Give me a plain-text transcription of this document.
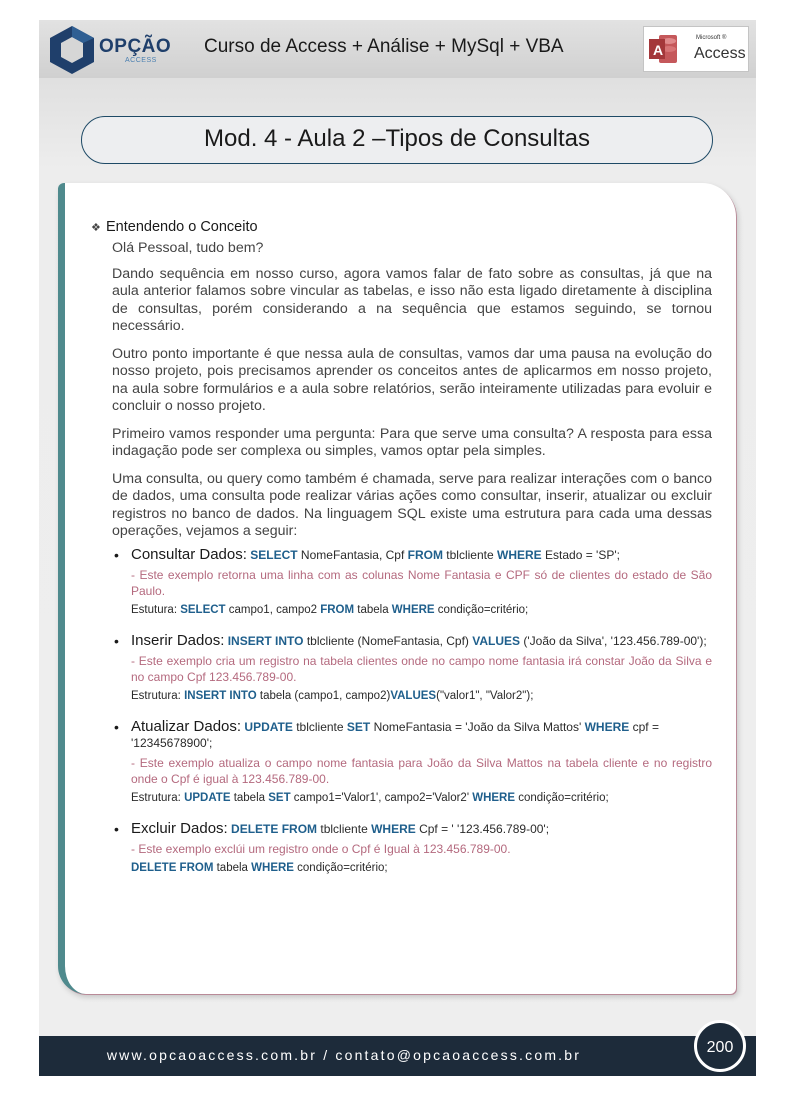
OPÇÃO
ACCESS
Curso de Access + Análise + MySql + VBA	A
Microsoft ®
Access
Mod. 4 - Aula 2 –Tipos de Consultas
❖ Entendendo o Conceito

Olá Pessoal, tudo bem?

Dando sequência em nosso curso, agora vamos falar de fato sobre as consultas, já que na aula anterior falamos sobre vincular as tabelas, e isso não esta ligado diretamente à disciplina de consultas, porém considerando a na sequência que estamos seguindo, se tornou necessário.

Outro ponto importante é que nessa aula de consultas, vamos dar uma pausa na evolução do nosso projeto, pois precisamos aprender os conceitos antes de aplicarmos em nosso projeto, na aula sobre formulários e a aula sobre relatórios, serão inteiramente utilizadas para evoluir e concluir o nosso projeto.

Primeiro vamos responder uma pergunta: Para que serve uma consulta? A resposta para essa indagação pode ser complexa ou simples, vamos optar pela simples.

Uma consulta, ou query como também é chamada, serve para realizar interações com o banco de dados, uma consulta pode realizar várias ações como consultar, inserir, atualizar ou excluir registros no banco de dados. Na linguagem SQL existe uma estrutura para cada uma dessas operações, vejamos a seguir:

• Consultar Dados: SELECT NomeFantasia, Cpf FROM tblcliente WHERE Estado = 'SP';
- Este exemplo retorna uma linha com as colunas Nome Fantasia e CPF só de clientes do estado de São Paulo.
Estutura: SELECT campo1, campo2 FROM tabela WHERE condição=critério;
• Inserir Dados: INSERT INTO tblcliente (NomeFantasia, Cpf) VALUES ('João da Silva', '123.456.789-00');
- Este exemplo cria um registro na tabela clientes onde no campo nome fantasia irá constar João da Silva e no campo Cpf 123.456.789-00.
Estrutura: INSERT INTO tabela (campo1, campo2)VALUES("valor1", "Valor2");
• Atualizar Dados: UPDATE tblcliente SET NomeFantasia = 'João da Silva Mattos' WHERE cpf = '12345678900';
- Este exemplo atualiza o campo nome fantasia para João da Silva Mattos na tabela cliente e no registro onde o Cpf é igual à 123.456.789-00.
Estrutura: UPDATE tabela SET campo1='Valor1', campo2='Valor2' WHERE condição=critério;
• Excluir Dados: DELETE FROM tblcliente WHERE Cpf = ' '123.456.789-00';
- Este exemplo exclúi um registro onde o Cpf é Igual à 123.456.789-00.
DELETE FROM tabela WHERE condição=critério;
www.opcaoaccess.com.br / contato@opcaoaccess.com.br	200
